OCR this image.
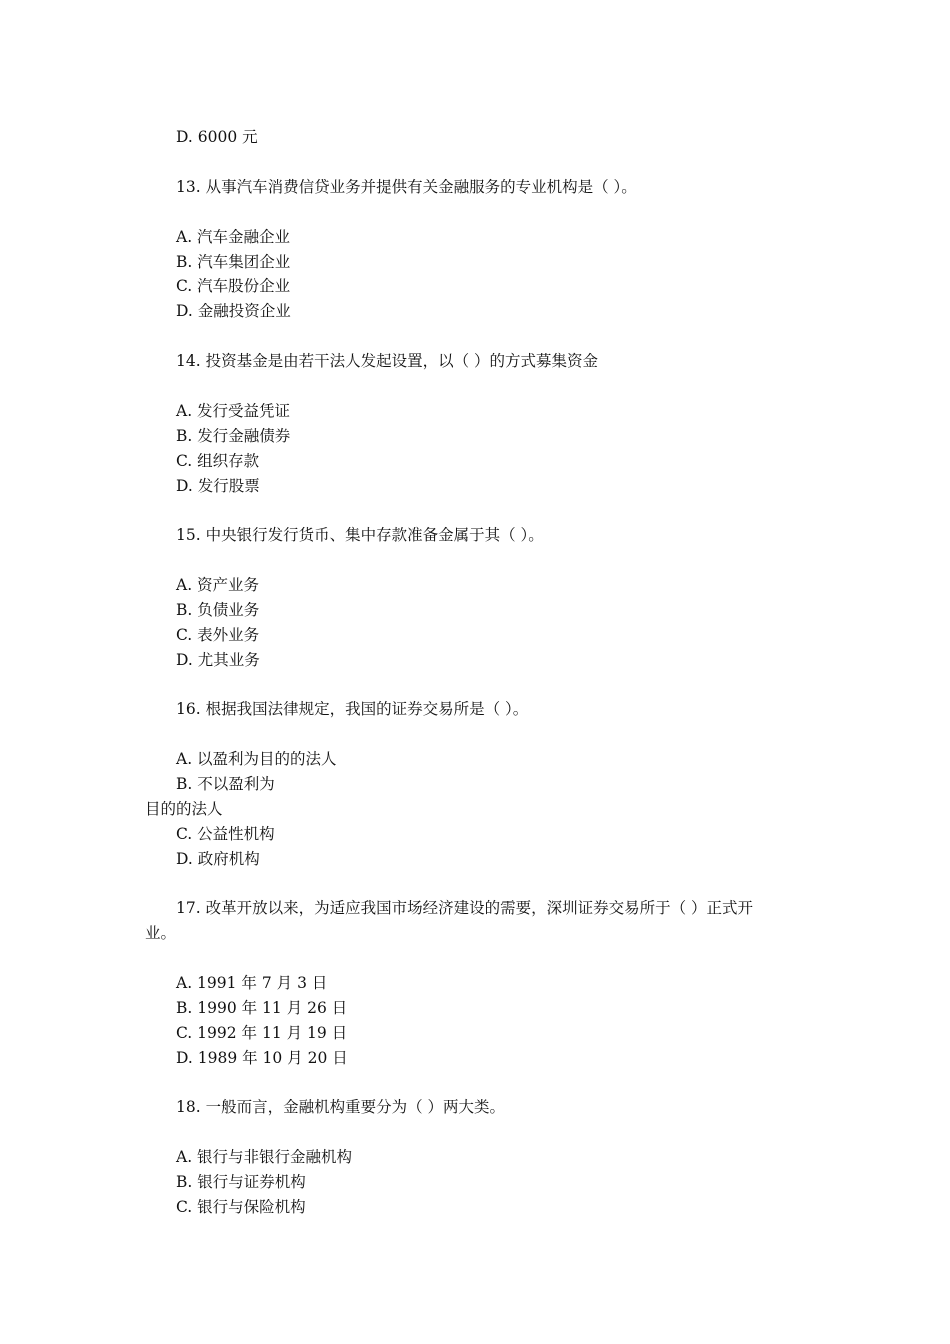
D. 6000 元
13. 从事汽车消费信贷业务并提供有关金融服务的专业机构是（ ）。
A. 汽车金融企业
B. 汽车集团企业
C. 汽车股份企业
D. 金融投资企业
14. 投资基金是由若干法人发起设置，以（ ）的方式募集资金
A. 发行受益凭证
B. 发行金融债券
C. 组织存款
D. 发行股票
15. 中央银行发行货币、集中存款准备金属于其（ ）。
A. 资产业务
B. 负债业务
C. 表外业务
D. 尤其业务
16. 根据我国法律规定，我国的证券交易所是（ ）。
A. 以盈利为目的的法人
B. 不以盈利为
目的的法人
C. 公益性机构
D. 政府机构
17. 改革开放以来，为适应我国市场经济建设的需要，深圳证券交易所于（ ）正式开
业。
A. 1991 年 7 月 3 日
B. 1990 年 11 月 26 日
C. 1992 年 11 月 19 日
D. 1989 年 10 月 20 日
18. 一般而言，金融机构重要分为（ ）两大类。
A. 银行与非银行金融机构
B. 银行与证券机构
C. 银行与保险机构
